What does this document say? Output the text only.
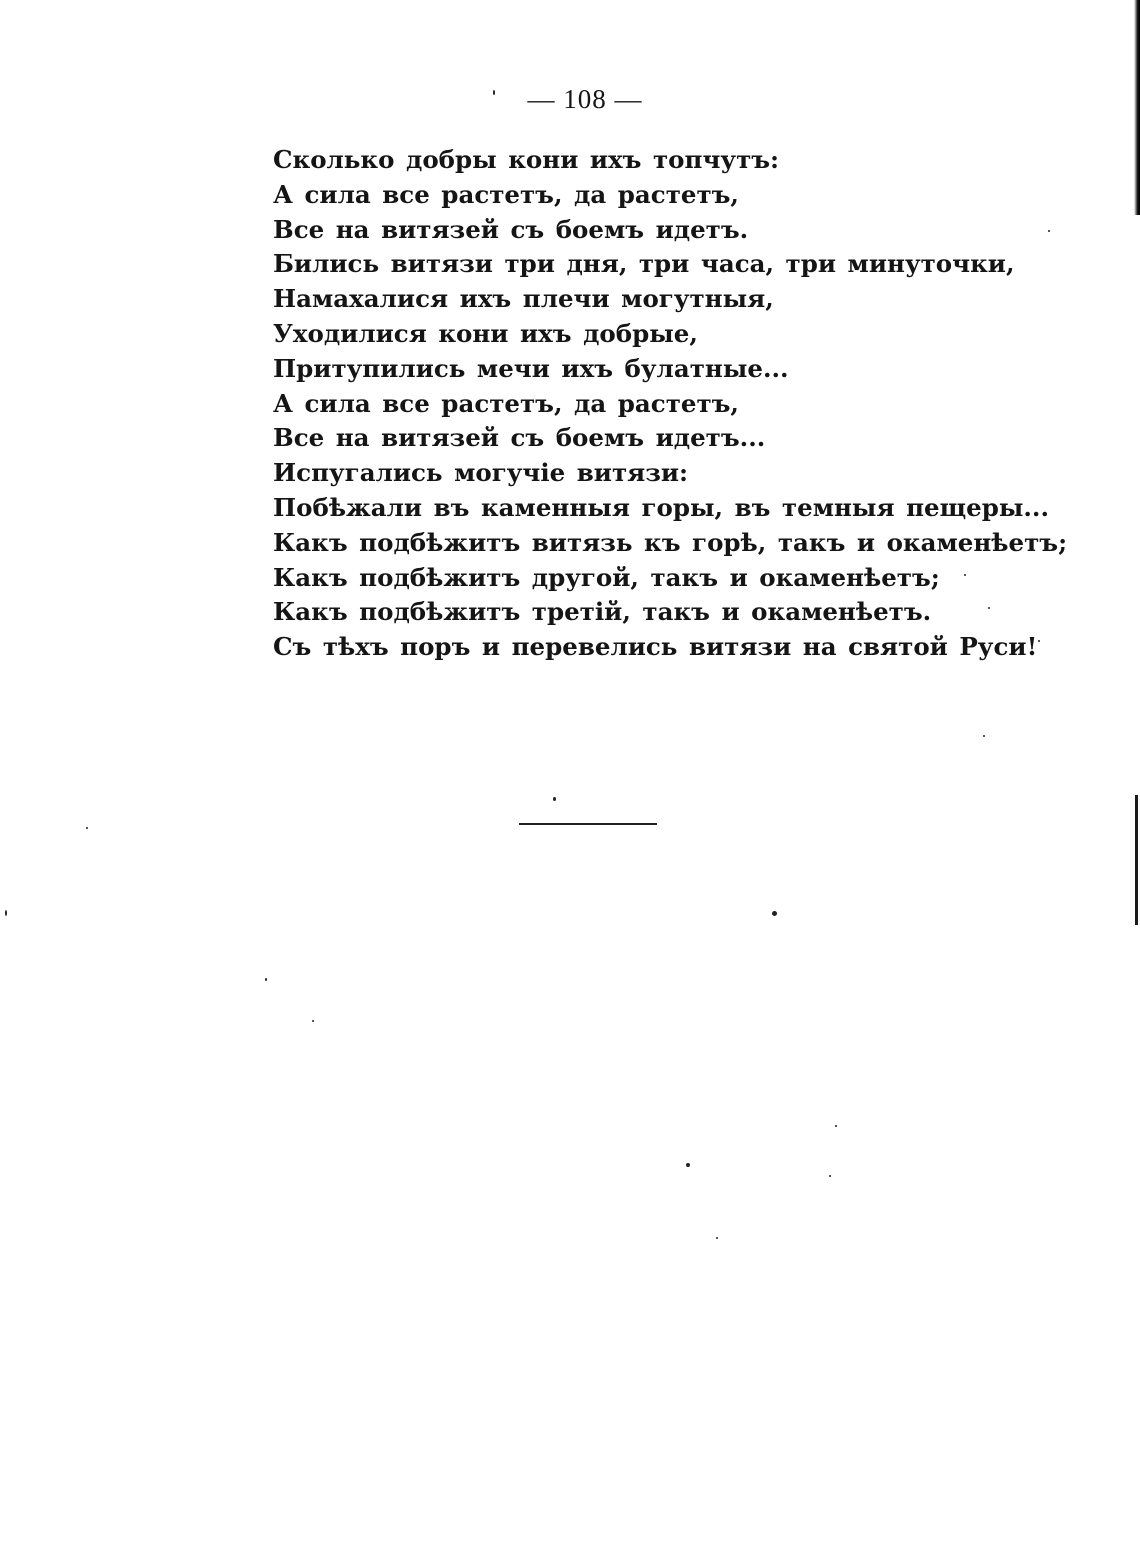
— 108 —
Сколько добры кони ихъ топчутъ:
А сила все растетъ, да растетъ,
Все на витязей съ боемъ идетъ.
Бились витязи три дня, три часа, три минуточки,
Намахалися ихъ плечи могутныя,
Уходилися кони ихъ добрые,
Притупились мечи ихъ булатные...
А сила все растетъ, да растетъ,
Все на витязей съ боемъ идетъ...
Испугались могучіе витязи:
Побѣжали въ каменныя горы, въ темныя пещеры...
Какъ подбѣжитъ витязь къ горѣ, такъ и окаменѣетъ;
Какъ подбѣжитъ другой, такъ и окаменѣетъ;
Какъ подбѣжитъ третій, такъ и окаменѣетъ.
Съ тѣхъ поръ и перевелись витязи на святой Руси!
